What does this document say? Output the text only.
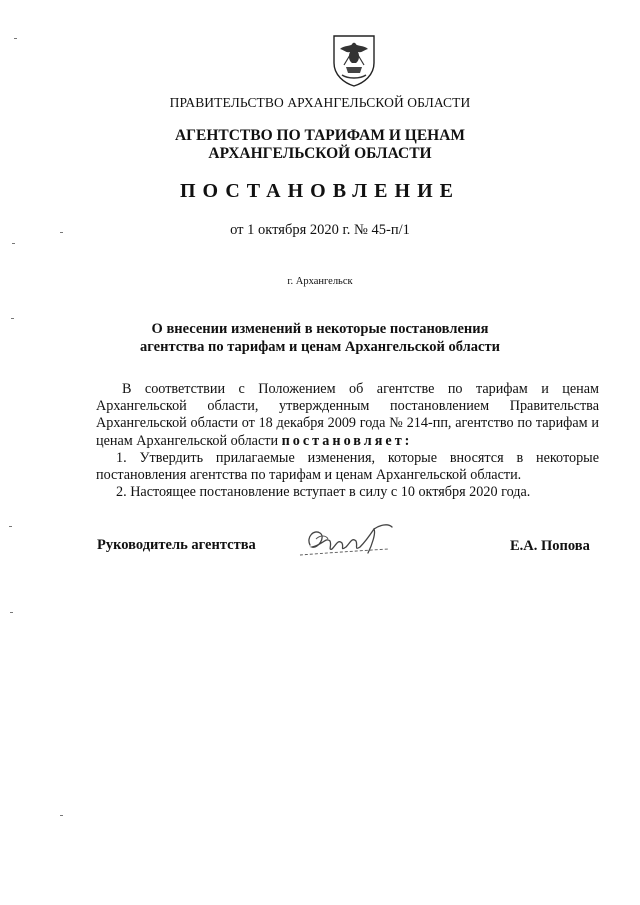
ПРАВИТЕЛЬСТВО АРХАНГЕЛЬСКОЙ ОБЛАСТИ
АГЕНТСТВО ПО ТАРИФАМ И ЦЕНАМ
АРХАНГЕЛЬСКОЙ ОБЛАСТИ
ПОСТАНОВЛЕНИЕ
от 1 октября 2020 г. № 45-п/1
г. Архангельск
О внесении изменений в некоторые постановления
агентства по тарифам и ценам Архангельской области

В соответствии с Положением об агентстве по тарифам и ценам Архангельской области, утвержденным постановлением Правительства Архангельской области от 18 декабря 2009 года № 214-пп, агентство по тарифам и ценам Архангельской области постановляет:

1. Утвердить прилагаемые изменения, которые вносятся в некоторые постановления агентства по тарифам и ценам Архангельской области.

2. Настоящее постановление вступает в силу с 10 октября 2020 года.

Руководитель агентства	Е.А. Попова
